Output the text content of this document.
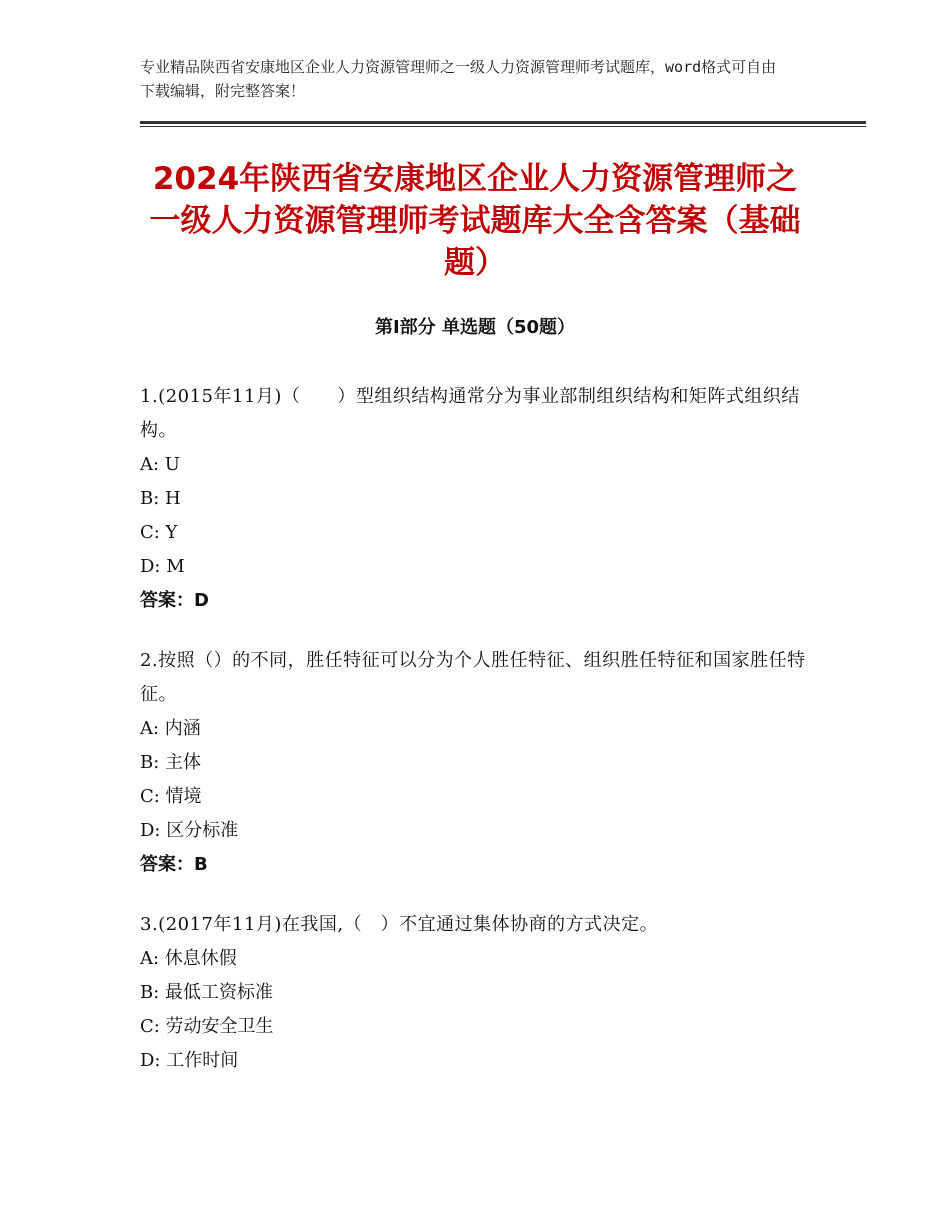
专业精品陕西省安康地区企业人力资源管理师之一级人力资源管理师考试题库，word格式可自由下载编辑，附完整答案！
2024年陕西省安康地区企业人力资源管理师之一级人力资源管理师考试题库大全含答案（基础题）
第Ⅰ部分 单选题（50题）
1.(2015年11月)（　　）型组织结构通常分为事业部制组织结构和矩阵式组织结构。
A: U
B: H
C: Y
D: M
答案：D
2.按照（）的不同，胜任特征可以分为个人胜任特征、组织胜任特征和国家胜任特征。
A: 内涵
B: 主体
C: 情境
D: 区分标准
答案：B
3.(2017年11月)在我国,（　）不宜通过集体协商的方式决定。
A: 休息休假
B: 最低工资标准
C: 劳动安全卫生
D: 工作时间
